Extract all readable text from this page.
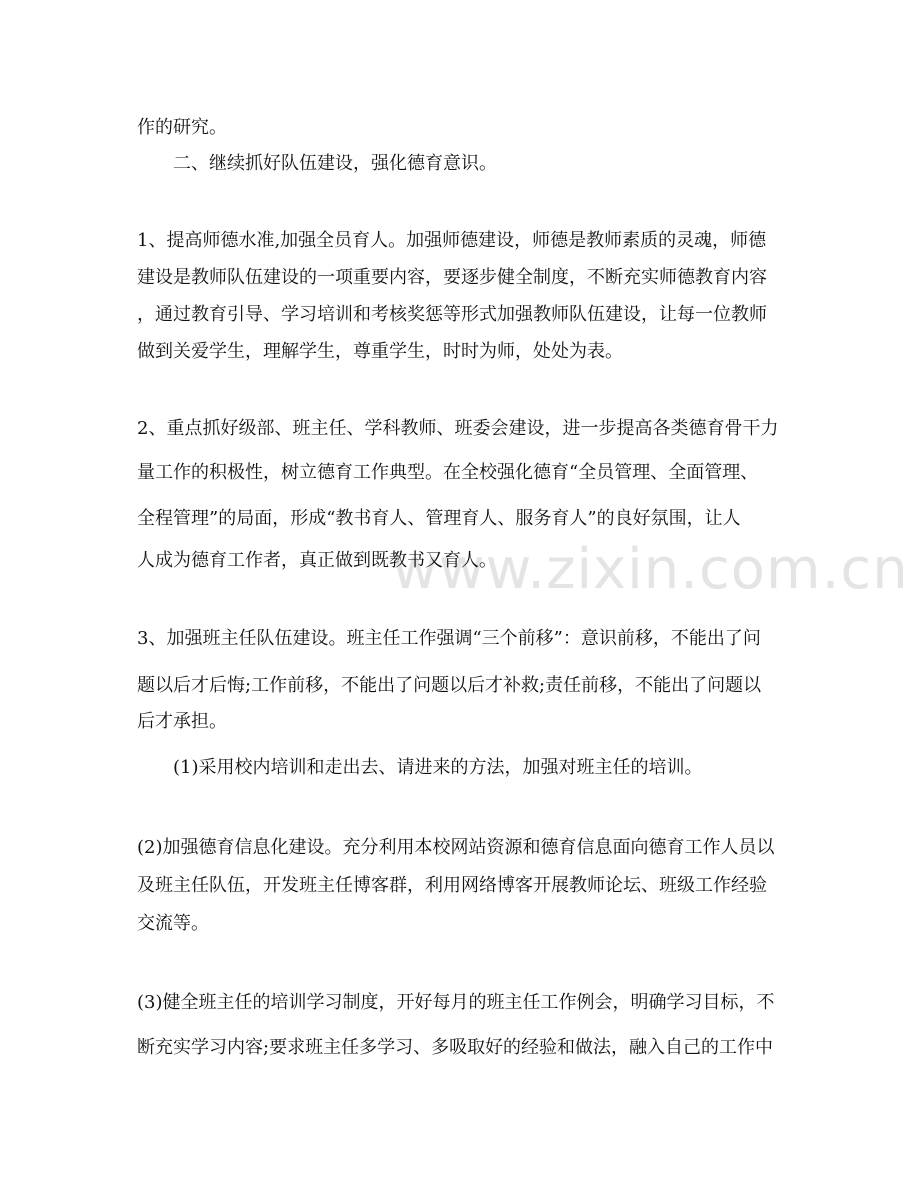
www.zixin.com.cn
作的研究。
二、继续抓好队伍建设，强化德育意识。
1、提高师德水准,加强全员育人。加强师德建设，师德是教师素质的灵魂，师德
建设是教师队伍建设的一项重要内容，要逐步健全制度，不断充实师德教育内容
，通过教育引导、学习培训和考核奖惩等形式加强教师队伍建设，让每一位教师
做到关爱学生，理解学生，尊重学生，时时为师，处处为表。
2、重点抓好级部、班主任、学科教师、班委会建设，进一步提高各类德育骨干力
量工作的积极性，树立德育工作典型。在全校强化德育“全员管理、全面管理、
全程管理”的局面，形成“教书育人、管理育人、服务育人”的良好氛围，让人
人成为德育工作者，真正做到既教书又育人。
3、加强班主任队伍建设。班主任工作强调“三个前移”：意识前移，不能出了问
题以后才后悔;工作前移，不能出了问题以后才补救;责任前移，不能出了问题以
后才承担。
(1)采用校内培训和走出去、请进来的方法，加强对班主任的培训。
(2)加强德育信息化建设。充分利用本校网站资源和德育信息面向德育工作人员以
及班主任队伍，开发班主任博客群，利用网络博客开展教师论坛、班级工作经验
交流等。
(3)健全班主任的培训学习制度，开好每月的班主任工作例会，明确学习目标，不
断充实学习内容;要求班主任多学习、多吸取好的经验和做法，融入自己的工作中
